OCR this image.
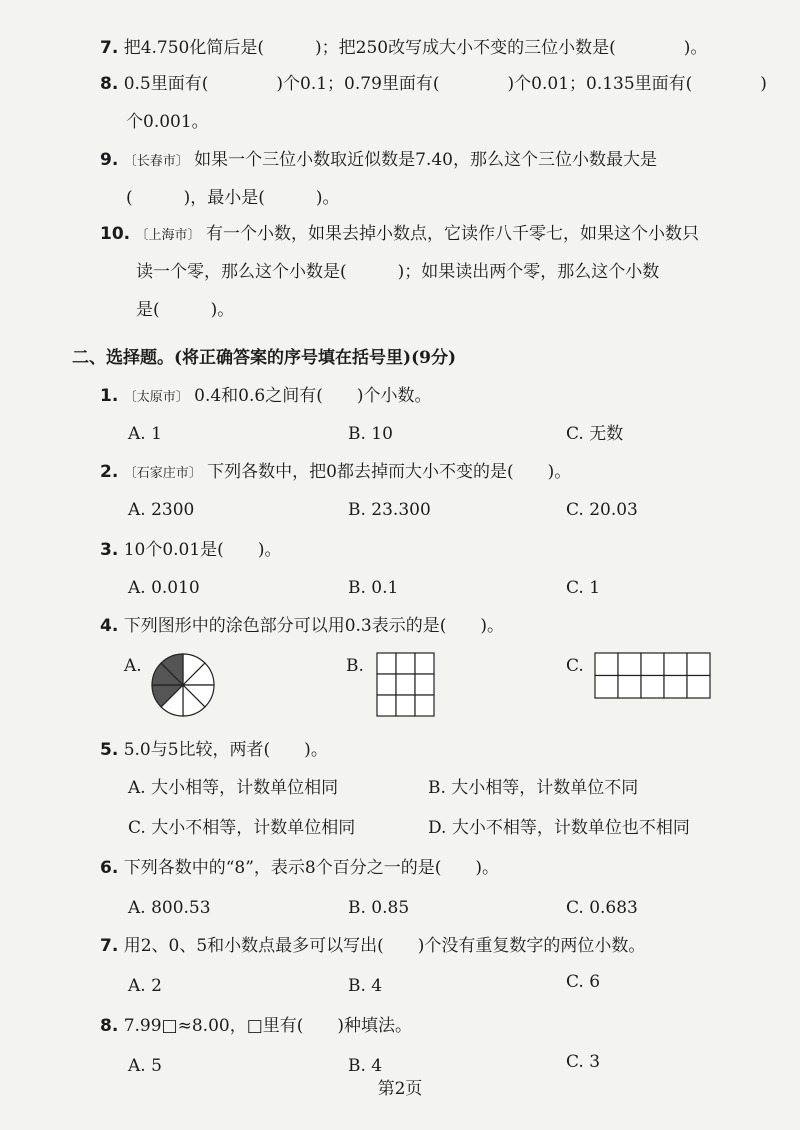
7. 把4.750化简后是(　　　)；把250改写成大小不变的三位小数是(　　　　)。
8. 0.5里面有(　　　　)个0.1；0.79里面有(　　　　)个0.01；0.135里面有(　　　　)
个0.001。
9. 〔长春市〕 如果一个三位小数取近似数是7.40，那么这个三位小数最大是
(　　　)，最小是(　　　)。
10. 〔上海市〕 有一个小数，如果去掉小数点，它读作八千零七，如果这个小数只
读一个零，那么这个小数是(　　　)；如果读出两个零，那么这个小数
是(　　　)。
二、选择题。(将正确答案的序号填在括号里)(9分)
1. 〔太原市〕 0.4和0.6之间有(　　)个小数。
A. 1	B. 10	C. 无数
2. 〔石家庄市〕 下列各数中，把0都去掉而大小不变的是(　　)。
A. 2300	B. 23.300	C. 20.03
3. 10个0.01是(　　)。
A. 0.010	B. 0.1	C. 1
4. 下列图形中的涂色部分可以用0.3表示的是(　　)。
A.	B.	C.
5. 5.0与5比较，两者(　　)。
A. 大小相等，计数单位相同	B. 大小相等，计数单位不同
C. 大小不相等，计数单位相同	D. 大小不相等，计数单位也不相同
6. 下列各数中的“8”，表示8个百分之一的是(　　)。
A. 800.53	B. 0.85	C. 0.683
7. 用2、0、5和小数点最多可以写出(　　)个没有重复数字的两位小数。
A. 2	B. 4	C. 6
8. 7.99□≈8.00，□里有(　　)种填法。
A. 5	B. 4	C. 3
第2页
